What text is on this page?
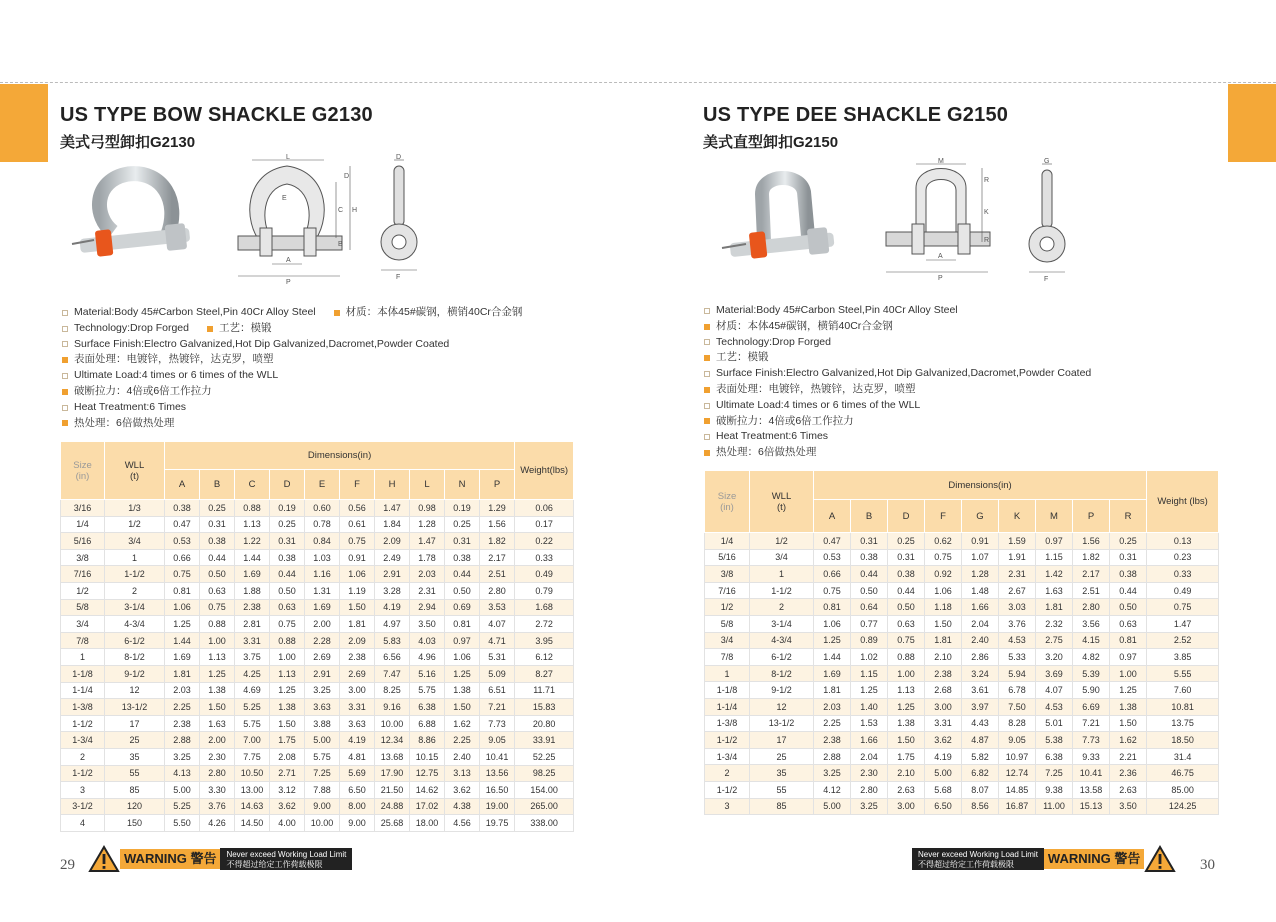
US TYPE BOW SHACKLE G2130
美式弓型卸扣G2130
L
A
P
H
C
B
D
E
D
F
Material:Body 45#Carbon Steel,Pin 40Cr Alloy Steel	材质：本体45#碳钢，横销40Cr合金钢
Technology:Drop Forged	工艺：模锻
Surface Finish:Electro Galvanized,Hot Dip Galvanized,Dacromet,Powder Coated
表面处理：电镀锌，热镀锌，达克罗，喷塑
Ultimate Load:4 times or 6 times of the WLL
破断拉力：4倍或6倍工作拉力
Heat Treatment:6 Times
热处理：6倍做热处理
Size
(in)	WLL
(t)	Dimensions(in)										Weight(lbs)
		A	B	C	D	E	F	H	L	N	P	
3/16	1/3	0.38	0.25	0.88	0.19	0.60	0.56	1.47	0.98	0.19	1.29	0.06
1/4	1/2	0.47	0.31	1.13	0.25	0.78	0.61	1.84	1.28	0.25	1.56	0.17
5/16	3/4	0.53	0.38	1.22	0.31	0.84	0.75	2.09	1.47	0.31	1.82	0.22
3/8	1	0.66	0.44	1.44	0.38	1.03	0.91	2.49	1.78	0.38	2.17	0.33
7/16	1-1/2	0.75	0.50	1.69	0.44	1.16	1.06	2.91	2.03	0.44	2.51	0.49
1/2	2	0.81	0.63	1.88	0.50	1.31	1.19	3.28	2.31	0.50	2.80	0.79
5/8	3-1/4	1.06	0.75	2.38	0.63	1.69	1.50	4.19	2.94	0.69	3.53	1.68
3/4	4-3/4	1.25	0.88	2.81	0.75	2.00	1.81	4.97	3.50	0.81	4.07	2.72
7/8	6-1/2	1.44	1.00	3.31	0.88	2.28	2.09	5.83	4.03	0.97	4.71	3.95
1	8-1/2	1.69	1.13	3.75	1.00	2.69	2.38	6.56	4.96	1.06	5.31	6.12
1-1/8	9-1/2	1.81	1.25	4.25	1.13	2.91	2.69	7.47	5.16	1.25	5.09	8.27
1-1/4	12	2.03	1.38	4.69	1.25	3.25	3.00	8.25	5.75	1.38	6.51	11.71
1-3/8	13-1/2	2.25	1.50	5.25	1.38	3.63	3.31	9.16	6.38	1.50	7.21	15.83
1-1/2	17	2.38	1.63	5.75	1.50	3.88	3.63	10.00	6.88	1.62	7.73	20.80
1-3/4	25	2.88	2.00	7.00	1.75	5.00	4.19	12.34	8.86	2.25	9.05	33.91
2	35	3.25	2.30	7.75	2.08	5.75	4.81	13.68	10.15	2.40	10.41	52.25
1-1/2	55	4.13	2.80	10.50	2.71	7.25	5.69	17.90	12.75	3.13	13.56	98.25
3	85	5.00	3.30	13.00	3.12	7.88	6.50	21.50	14.62	3.62	16.50	154.00
3-1/2	120	5.25	3.76	14.63	3.62	9.00	8.00	24.88	17.02	4.38	19.00	265.00
4	150	5.50	4.26	14.50	4.00	10.00	9.00	25.68	18.00	4.56	19.75	338.00
29	WARNING 警告	Never exceed Working Load Limit
不得超过给定工作荷载极限
US TYPE DEE SHACKLE G2150
美式直型卸扣G2150
M
A
P
R
K
R
G
F
Material:Body 45#Carbon Steel,Pin 40Cr Alloy Steel
材质：本体45#碳钢，横销40Cr合金钢
Technology:Drop Forged
工艺：模锻
Surface Finish:Electro Galvanized,Hot Dip Galvanized,Dacromet,Powder Coated
表面处理：电镀锌，热镀锌，达克罗，喷塑
Ultimate Load:4 times or 6 times of the WLL
破断拉力：4倍或6倍工作拉力
Heat Treatment:6 Times
热处理：6倍做热处理
Size
(in)	WLL
(t)	Dimensions(in)									Weight (lbs)
		A	B	D	F	G	K	M	P	R	
1/4	1/2	0.47	0.31	0.25	0.62	0.91	1.59	0.97	1.56	0.25	0.13
5/16	3/4	0.53	0.38	0.31	0.75	1.07	1.91	1.15	1.82	0.31	0.23
3/8	1	0.66	0.44	0.38	0.92	1.28	2.31	1.42	2.17	0.38	0.33
7/16	1-1/2	0.75	0.50	0.44	1.06	1.48	2.67	1.63	2.51	0.44	0.49
1/2	2	0.81	0.64	0.50	1.18	1.66	3.03	1.81	2.80	0.50	0.75
5/8	3-1/4	1.06	0.77	0.63	1.50	2.04	3.76	2.32	3.56	0.63	1.47
3/4	4-3/4	1.25	0.89	0.75	1.81	2.40	4.53	2.75	4.15	0.81	2.52
7/8	6-1/2	1.44	1.02	0.88	2.10	2.86	5.33	3.20	4.82	0.97	3.85
1	8-1/2	1.69	1.15	1.00	2.38	3.24	5.94	3.69	5.39	1.00	5.55
1-1/8	9-1/2	1.81	1.25	1.13	2.68	3.61	6.78	4.07	5.90	1.25	7.60
1-1/4	12	2.03	1.40	1.25	3.00	3.97	7.50	4.53	6.69	1.38	10.81
1-3/8	13-1/2	2.25	1.53	1.38	3.31	4.43	8.28	5.01	7.21	1.50	13.75
1-1/2	17	2.38	1.66	1.50	3.62	4.87	9.05	5.38	7.73	1.62	18.50
1-3/4	25	2.88	2.04	1.75	4.19	5.82	10.97	6.38	9.33	2.21	31.4
2	35	3.25	2.30	2.10	5.00	6.82	12.74	7.25	10.41	2.36	46.75
1-1/2	55	4.12	2.80	2.63	5.68	8.07	14.85	9.38	13.58	2.63	85.00
3	85	5.00	3.25	3.00	6.50	8.56	16.87	11.00	15.13	3.50	124.25
30
Never exceed Working Load Limit
不得超过给定工作荷载极限	WARNING 警告
